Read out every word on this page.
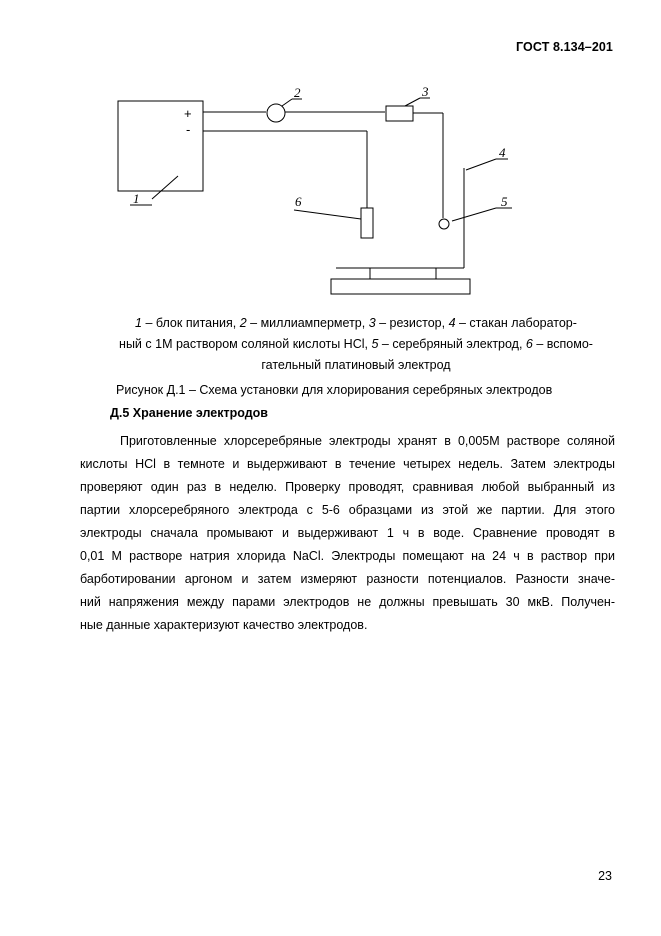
ГОСТ 8.134–201
1
2	3
4
5
6
+
-
1 – блок питания, 2 – миллиамперметр, 3 – резистор, 4 – стакан лаборатор-
ный с 1М раствором соляной кислоты HCl, 5 – серебряный электрод, 6 – вспомо-
гательный платиновый электрод
Рисунок Д.1 – Схема установки для хлорирования серебряных электродов
Д.5 Хранение электродов
Приготовленные хлорсеребряные электроды хранят в 0,005М растворе соляной
кислоты HCl в темноте и выдерживают в течение четырех недель. Затем электроды
проверяют один раз в неделю. Проверку проводят, сравнивая любой выбранный из
партии хлорсеребряного электрода с 5-6 образцами из этой же партии. Для этого
электроды сначала промывают и выдерживают 1 ч в воде. Сравнение проводят в
0,01 М растворе натрия хлорида NaCl. Электроды помещают на 24 ч в раствор при
барботировании аргоном и затем измеряют разности потенциалов. Разности значе-
ний напряжения между парами электродов не должны превышать 30 мкВ. Получен-
ные данные характеризуют качество электродов.
23
